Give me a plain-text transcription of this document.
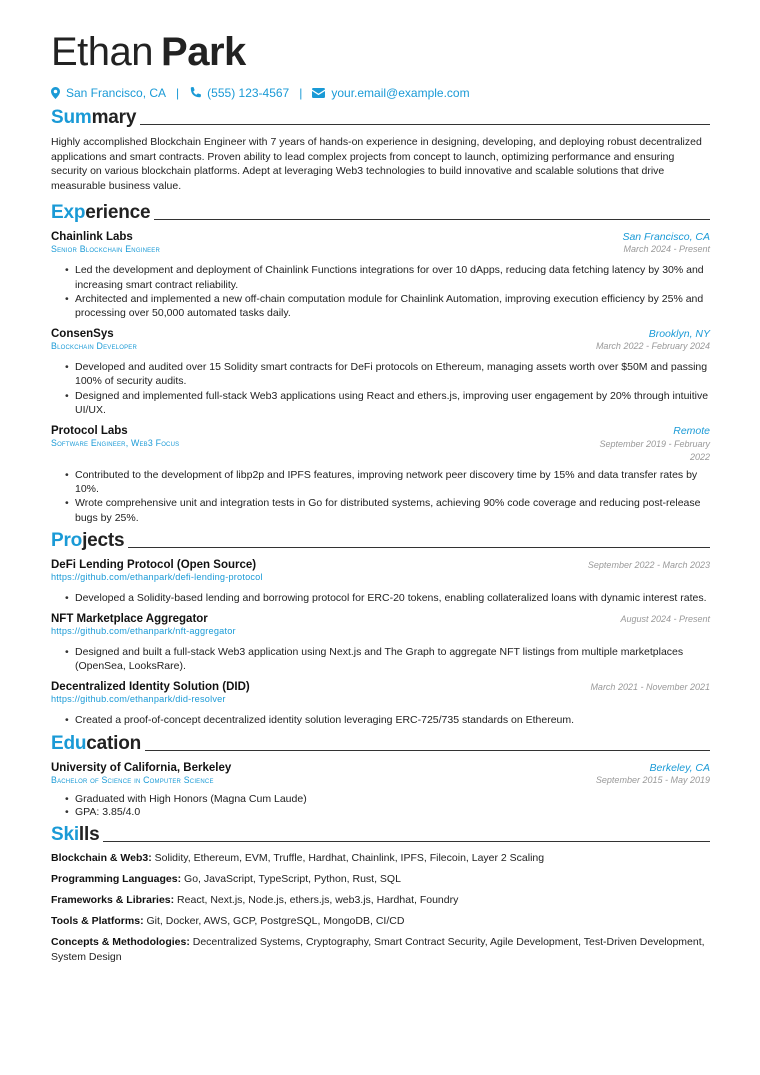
Ethan Park
San Francisco, CA | (555) 123-4567 | your.email@example.com
Summary

Highly accomplished Blockchain Engineer with 7 years of hands-on experience in designing, developing, and deploying robust decentralized applications and smart contracts. Proven ability to lead complex projects from concept to launch, optimizing performance and ensuring security on various blockchain platforms. Adept at leveraging Web3 technologies to build innovative and scalable solutions that drive measurable business value.

Experience
Chainlink Labs	San Francisco, CA
Senior Blockchain Engineer	March 2024 - Present
• Led the development and deployment of Chainlink Functions integrations for over 10 dApps, reducing data fetching latency by 30% and increasing smart contract reliability.
• Architected and implemented a new off-chain computation module for Chainlink Automation, improving execution efficiency by 25% and processing over 50,000 automated tasks daily.
ConsenSys	Brooklyn, NY
Blockchain Developer	March 2022 - February 2024
• Developed and audited over 15 Solidity smart contracts for DeFi protocols on Ethereum, managing assets worth over $50M and passing 100% of security audits.
• Designed and implemented full-stack Web3 applications using React and ethers.js, improving user engagement by 20% through intuitive UI/UX.
Protocol Labs	Remote
Software Engineer, Web3 Focus	September 2019 - February 2022
• Contributed to the development of libp2p and IPFS features, improving network peer discovery time by 15% and data transfer rates by 10%.
• Wrote comprehensive unit and integration tests in Go for distributed systems, achieving 90% code coverage and reducing post-release bugs by 25%.
Projects
DeFi Lending Protocol (Open Source)	September 2022 - March 2023
https://github.com/ethanpark/defi-lending-protocol
• Developed a Solidity-based lending and borrowing protocol for ERC-20 tokens, enabling collateralized loans with dynamic interest rates.
NFT Marketplace Aggregator	August 2024 - Present
https://github.com/ethanpark/nft-aggregator
• Designed and built a full-stack Web3 application using Next.js and The Graph to aggregate NFT listings from multiple marketplaces (OpenSea, LooksRare).
Decentralized Identity Solution (DID)	March 2021 - November 2021
https://github.com/ethanpark/did-resolver
• Created a proof-of-concept decentralized identity solution leveraging ERC-725/735 standards on Ethereum.
Education
University of California, Berkeley	Berkeley, CA
Bachelor of Science in Computer Science	September 2015 - May 2019
• Graduated with High Honors (Magna Cum Laude)
• GPA: 3.85/4.0
Skills
Blockchain & Web3: Solidity, Ethereum, EVM, Truffle, Hardhat, Chainlink, IPFS, Filecoin, Layer 2 Scaling
Programming Languages: Go, JavaScript, TypeScript, Python, Rust, SQL
Frameworks & Libraries: React, Next.js, Node.js, ethers.js, web3.js, Hardhat, Foundry
Tools & Platforms: Git, Docker, AWS, GCP, PostgreSQL, MongoDB, CI/CD
Concepts & Methodologies: Decentralized Systems, Cryptography, Smart Contract Security, Agile Development, Test-Driven Development, System Design
